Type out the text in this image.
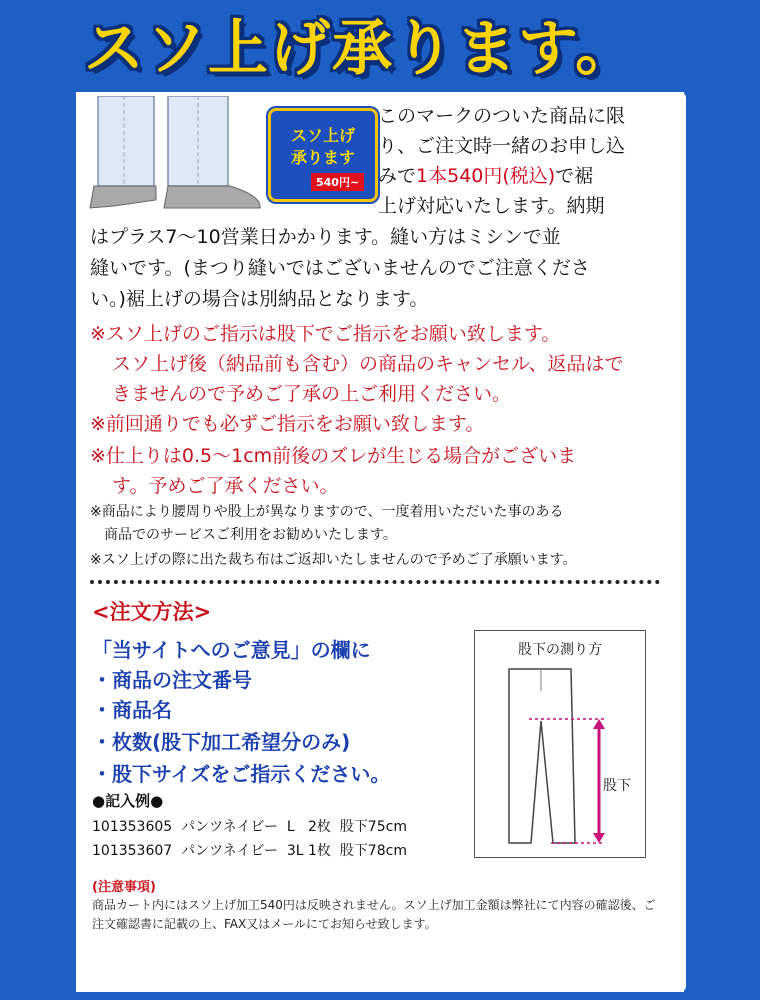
スソ上げ承ります。
スソ上げ
承ります
540円~
このマークのついた商品に限
り、ご注文時一緒のお申し込
みで1本540円(税込)で裾
上げ対応いたします。納期
はプラス7～10営業日かかります。縫い方はミシンで並
縫いです。(まつり縫いではございませんのでご注意くださ
い。)裾上げの場合は別納品となります。
※スソ上げのご指示は股下でご指示をお願い致します。
スソ上げ後（納品前も含む）の商品のキャンセル、返品はで
きませんので予めご了承の上ご利用ください。
※前回通りでも必ずご指示をお願い致します。
※仕上りは0.5～1cm前後のズレが生じる場合がございま
す。予めご了承ください。
※商品により腰周りや股上が異なりますので、一度着用いただいた事のある
商品でのサービスご利用をお勧めいたします。
※スソ上げの際に出た裁ち布はご返却いたしませんので予めご了承願います。
<注文方法>
「当サイトへのご意見」の欄に
・商品の注文番号
・商品名
・枚数(股下加工希望分のみ)
・股下サイズをご指示ください。
●記入例●
101353605  パンツネイビー  L   2枚  股下75cm
101353607  パンツネイビー  3L 1枚  股下78cm
股下の測り方
股下
(注意事項)
商品カート内にはスソ上げ加工540円は反映されません。スソ上げ加工金額は弊社にて内容の確認後、ご注文確認書に記載の上、FAX又はメールにてお知らせ致します。
